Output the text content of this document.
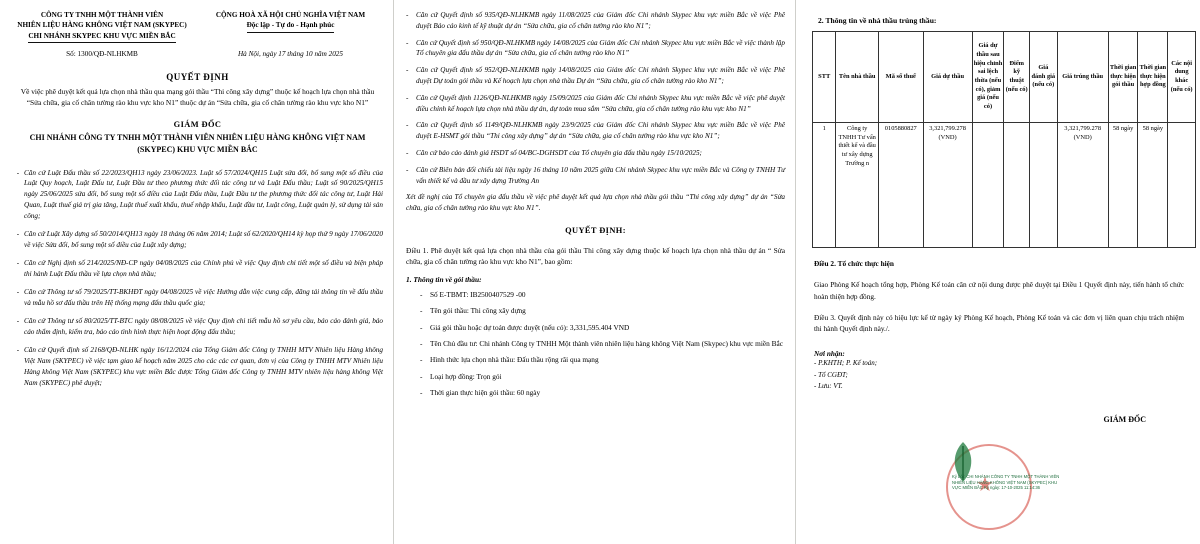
CÔNG TY TNHH MỘT THÀNH VIÊN
NHIÊN LIỆU HÀNG KHÔNG VIỆT NAM (SKYPEC)
CHI NHÁNH SKYPEC KHU VỰC MIỀN BẮC
CỘNG HOÀ XÃ HỘI CHỦ NGHĨA VIỆT NAM
Độc lập - Tự do - Hạnh phúc
Số: 1300/QĐ-NLHKMB	Hà Nội, ngày 17 tháng 10 năm 2025
QUYẾT ĐỊNH
Về việc phê duyệt kết quả lựa chọn nhà thầu qua mạng gói thầu “Thi công xây dựng” thuộc kế hoạch lựa chọn nhà thầu “Sửa chữa, gia cố chân tường rào khu vực kho N1” thuộc dự án “Sửa chữa, gia cố chân tường rào khu vực kho N1”
GIÁM ĐỐC
CHI NHÁNH CÔNG TY TNHH MỘT THÀNH VIÊN NHIÊN LIỆU HÀNG KHÔNG VIỆT NAM (SKYPEC) KHU VỰC MIỀN BẮC
- Căn cứ Luật Đấu thầu số 22/2023/QH13 ngày 23/06/2023. Luật số 57/2024/QH15 Luật sửa đổi, bổ sung một số điều của Luật Quy hoạch, Luật Đấu tư, Luật Đầu tư theo phương thức đối tác công tư và Luật Đấu thầu; Luật số 90/2025/QH15 ngày 25/06/2025 sửa đổi, bổ sung một số điều của Luật Đấu thầu, Luật Đầu tư the phương thức đối tác công tư, Luật Hải Quan, Luật thuế giá trị gia tăng, Luật thuế xuất khẩu, thuế nhập khẩu, Luật đầu tư, Luật công, Luật quản lý, sử dụng tài sản công;
- Căn cứ Luật Xây dựng số 50/2014/QH13 ngày 18 tháng 06 năm 2014; Luật số 62/2020/QH14 kỳ họp thứ 9 ngày 17/06/2020 về việc Sửa đổi, bổ sung một số điều của Luật xây dựng;
- Căn cứ Nghị định số 214/2025/NĐ-CP ngày 04/08/2025 của Chính phủ về việc Quy định chi tiết một số điều và biện pháp thi hành Luật Đấu thầu về lựa chọn nhà thầu;
- Căn cứ Thông tư số 79/2025/TT-BKHĐT ngày 04/08/2025 về việc Hướng dẫn việc cung cấp, đăng tải thông tin về đấu thầu và mẫu hồ sơ đấu thầu trên Hệ thống mạng đấu thầu quốc gia;
- Căn cứ Thông tư số 80/2025/TT-BTC ngày 08/08/2025 về việc Quy định chi tiết mẫu hồ sơ yêu cầu, báo cáo đánh giá, báo cáo thẩm định, kiểm tra, báo cáo tình hình thực hiện hoạt động đấu thầu;
- Căn cứ Quyết định số 2168/QĐ-NLHK ngày 16/12/2024 của Tổng Giám đốc Công ty TNHH MTV Nhiên liệu Hàng không Việt Nam (SKYPEC) về việc tạm giao kế hoạch năm 2025 cho các các cơ quan, đơn vị của Công ty TNHH MTV Nhiên liệu Hàng không Việt Nam (SKYPEC) khu vực miền Bắc được Tổng Giám đốc Công ty TNHH MTV nhiên liệu hàng không Việt Nam (SKYPEC) phê duyệt;
-	Căn cứ Quyết định số 935/QĐ-NLHKMB ngày 11/08/2025 của Giám đốc Chi nhánh Skypec khu vực miền Bắc về việc Phê duyệt Báo cáo kinh tế kỹ thuật dự án “Sửa chữa, gia cố chân tường rào kho N1”;
-	Căn cứ Quyết định số 950/QĐ-NLHKMB ngày 14/08/2025 của Giám đốc Chi nhánh Skypec khu vực miền Bắc về việc thành lập Tổ chuyên gia đấu thầu dự án “Sửa chữa, gia cố chân tường rào kho N1”
-	Căn cứ Quyết định số 952/QĐ-NLHKMB ngày 14/08/2025 của Giám đốc Chi nhánh Skypec khu vực miền Bắc về việc Phê duyệt Dự toán gói thầu và Kế hoạch lựa chọn nhà thầu Dự án “Sửa chữa, gia cố chân tường rào kho N1”;
-	Căn cứ Quyết định 1126/QĐ-NLHKMB ngày 15/09/2025 của Giám đốc Chi nhánh Skypec khu vực miền Bắc về việc phê duyệt điều chỉnh kế hoạch lựa chọn nhà thầu dự án, dự toán mua sắm “Sửa chữa, gia cố chân tường rào khu vực kho N1”
-	Căn cứ Quyết định số 1149/QĐ-NLHKMB ngày 23/9/2025 của Giám đốc Chi nhánh Skypec khu vực miền Bắc về việc Phê duyệt E-HSMT gói thầu “Thi công xây dựng” dự án “Sửa chữa, gia cố chân tường rào khu vực kho N1”;
-	Căn cứ báo cáo đánh giá HSDT số 04/BC-DGHSDT của Tổ chuyên gia đấu thầu ngày 15/10/2025;
-	Căn cứ Biên bản đối chiếu tài liệu ngày 16 tháng 10 năm 2025 giữa Chi nhánh Skypec khu vực miền Bắc và Công ty TNHH Tư vấn thiết kế và đầu tư xây dựng Trường An
Xét đề nghị của Tổ chuyên gia đấu thầu về việc phê duyệt kết quả lựa chọn nhà thầu gói thầu “Thi công xây dựng” dự án “Sửa chữa, gia cố chân tường rào khu vực kho N1”.
QUYẾT ĐỊNH:
Điều 1. Phê duyệt kết quả lựa chọn nhà thầu của gói thầu Thi công xây dựng thuộc kế hoạch lựa chọn nhà thầu dự án “ Sửa chữa, gia cố chân tường rào khu vực kho N1”, bao gồm:
1. Thông tin về gói thầu:
-	Số E-TBMT: IB2500407529 -00
-	Tên gói thầu: Thi công xây dựng
-	Giá gói thầu hoặc dự toán được duyệt (nếu có): 3,331,595.404 VND
-	Tên Chủ đầu tư: Chi nhánh Công ty TNHH Một thành viên nhiên liệu hàng không Việt Nam (Skypec) khu vực miền Bắc
-	Hình thức lựa chọn nhà thầu: Đấu thầu rộng rãi qua mạng
-	Loại hợp đồng: Trọn gói
-	Thời gian thực hiện gói thầu: 60 ngày
2. Thông tin về nhà thầu trúng thầu:
STT	Tên nhà thầu	Mã số thuế	Giá dự thầu	Giá dự thầu sau hiệu chỉnh sai lệch thừa (nếu có), giảm giá (nếu có)	Điểm kỹ thuật (nếu có)	Giá đánh giá (nếu có)	Giá trúng thầu	Thời gian thực hiện gói thầu	Thời gian thực hiện hợp đồng	Các nội dung khác (nếu có)
1	Công ty TNHH Tư vấn thiết kế và đầu tư xây dựng Trường n	0105880827	3,321,799.278 (VND)				3,321,799.278 (VND)	58 ngày	58 ngày	
Điều 2. Tổ chức thực hiện
Giao Phòng Kế hoạch tổng hợp, Phòng Kế toán căn cứ nội dung được phê duyệt tại Điều 1 Quyết định này, tiến hành tổ chức hoàn thiện hợp đồng.
Điều 3. Quyết định này có hiệu lực kể từ ngày ký Phòng Kế hoạch, Phòng Kế toán và các đơn vị liên quan chịu trách nhiệm thi hành Quyết định này./.
Nơi nhận:
- P.KHTH; P. Kế toán;
- Tổ CGĐT;
- Lưu: VT.
GIÁM ĐỐC
★
Ký bởi: CHI NHÁNH CÔNG TY TNHH MỘT THÀNH VIÊN NHIÊN LIỆU HÀNG KHÔNG VIỆT NAM (SKYPEC) KHU VỰC MIỀN BẮC Ký ngày: 17-10-2025 11:14:36
